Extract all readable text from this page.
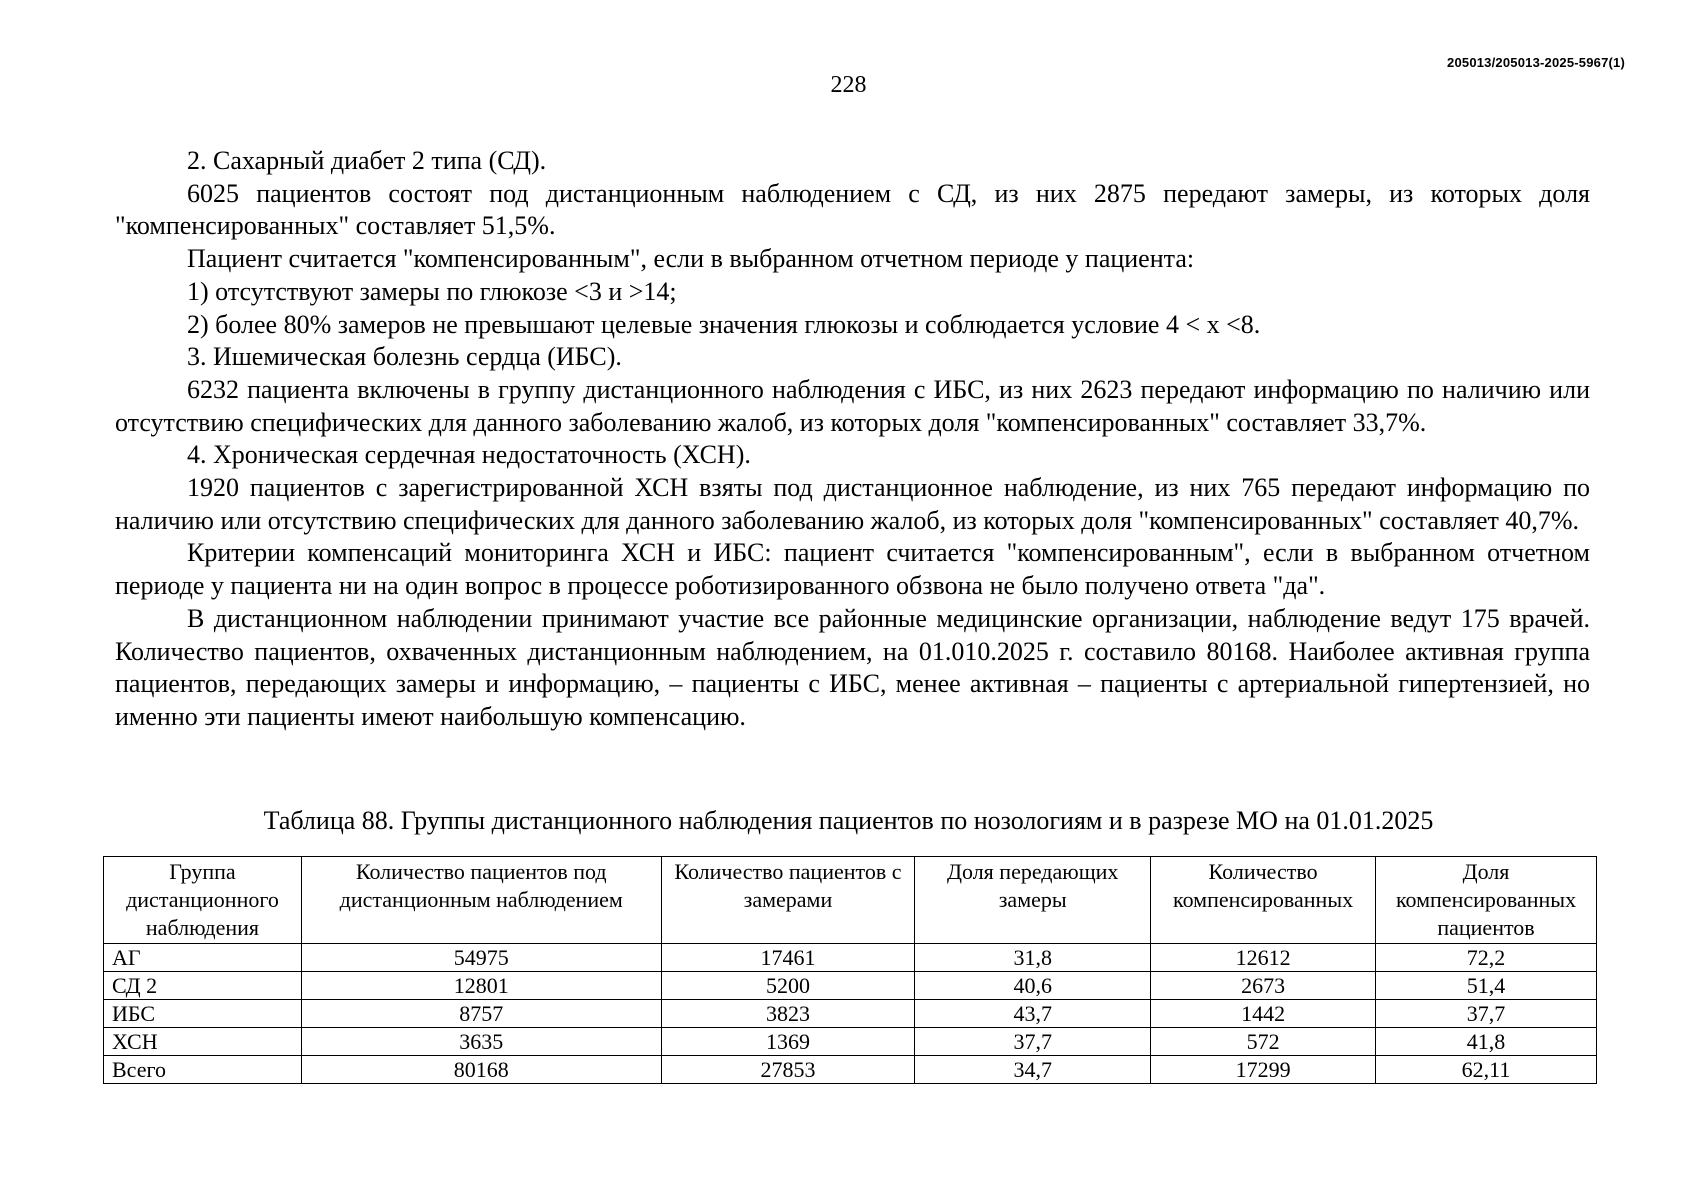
205013/205013-2025-5967(1)
228

2. Сахарный диабет 2 типа (СД).

6025 пациентов состоят под дистанционным наблюдением с СД, из них 2875 передают замеры, из которых доля "компенсированных" составляет 51,5%.

Пациент считается "компенсированным", если в выбранном отчетном периоде у пациента:

1) отсутствуют замеры по глюкозе <3 и >14;

2) более 80% замеров не превышают целевые значения глюкозы и соблюдается условие 4 < x <8.

3. Ишемическая болезнь сердца (ИБС).

6232 пациента включены в группу дистанционного наблюдения с ИБС, из них 2623 передают информацию по наличию или отсутствию специфических для данного заболеванию жалоб, из которых доля "компенсированных" составляет 33,7%.

4. Хроническая сердечная недостаточность (ХСН).

1920 пациентов с зарегистрированной ХСН взяты под дистанционное наблюдение, из них 765 передают информацию по наличию или отсутствию специфических для данного заболеванию жалоб, из которых доля "компенсированных" составляет 40,7%.

Критерии компенсаций мониторинга ХСН и ИБС: пациент считается "компенсированным", если в выбранном отчетном периоде у пациента ни на один вопрос в процессе роботизированного обзвона не было получено ответа "да".

В дистанционном наблюдении принимают участие все районные медицинские организации, наблюдение ведут 175 врачей. Количество пациентов, охваченных дистанционным наблюдением, на 01.010.2025 г. составило 80168. Наиболее активная группа пациентов, передающих замеры и информацию, – пациенты с ИБС, менее активная – пациенты с артериальной гипертензией, но именно эти пациенты имеют наибольшую компенсацию.

Таблица 88. Группы дистанционного наблюдения пациентов по нозологиям и в разрезе МО на 01.01.2025
Группа дистанционного наблюдения	Количество пациентов под дистанционным наблюдением	Количество пациентов с замерами	Доля передающих замеры	Количество компенсированных	Доля компенсированных пациентов
АГ	54975	17461	31,8	12612	72,2
СД 2	12801	5200	40,6	2673	51,4
ИБС	8757	3823	43,7	1442	37,7
ХСН	3635	1369	37,7	572	41,8
Всего	80168	27853	34,7	17299	62,11
